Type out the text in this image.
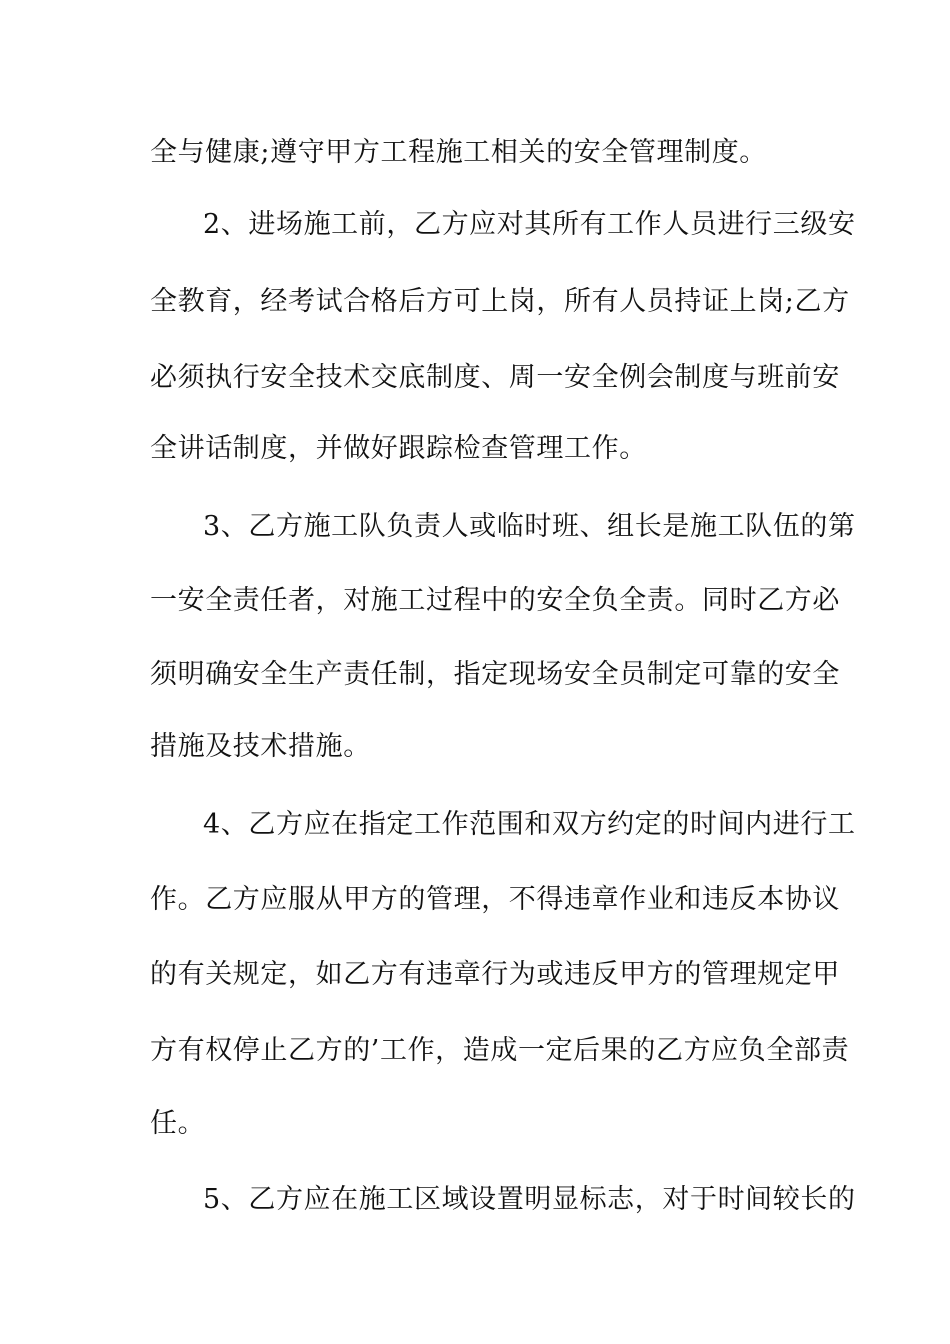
全与健康;遵守甲方工程施工相关的安全管理制度。
2、进场施工前，乙方应对其所有工作人员进行三级安
全教育，经考试合格后方可上岗，所有人员持证上岗;乙方
必须执行安全技术交底制度、周一安全例会制度与班前安
全讲话制度，并做好跟踪检查管理工作。
3、乙方施工队负责人或临时班、组长是施工队伍的第
一安全责任者，对施工过程中的安全负全责。同时乙方必
须明确安全生产责任制，指定现场安全员制定可靠的安全
措施及技术措施。
4、乙方应在指定工作范围和双方约定的时间内进行工
作。乙方应服从甲方的管理，不得违章作业和违反本协议
的有关规定，如乙方有违章行为或违反甲方的管理规定甲
方有权停止乙方的’工作，造成一定后果的乙方应负全部责
任。
5、乙方应在施工区域设置明显标志，对于时间较长的
